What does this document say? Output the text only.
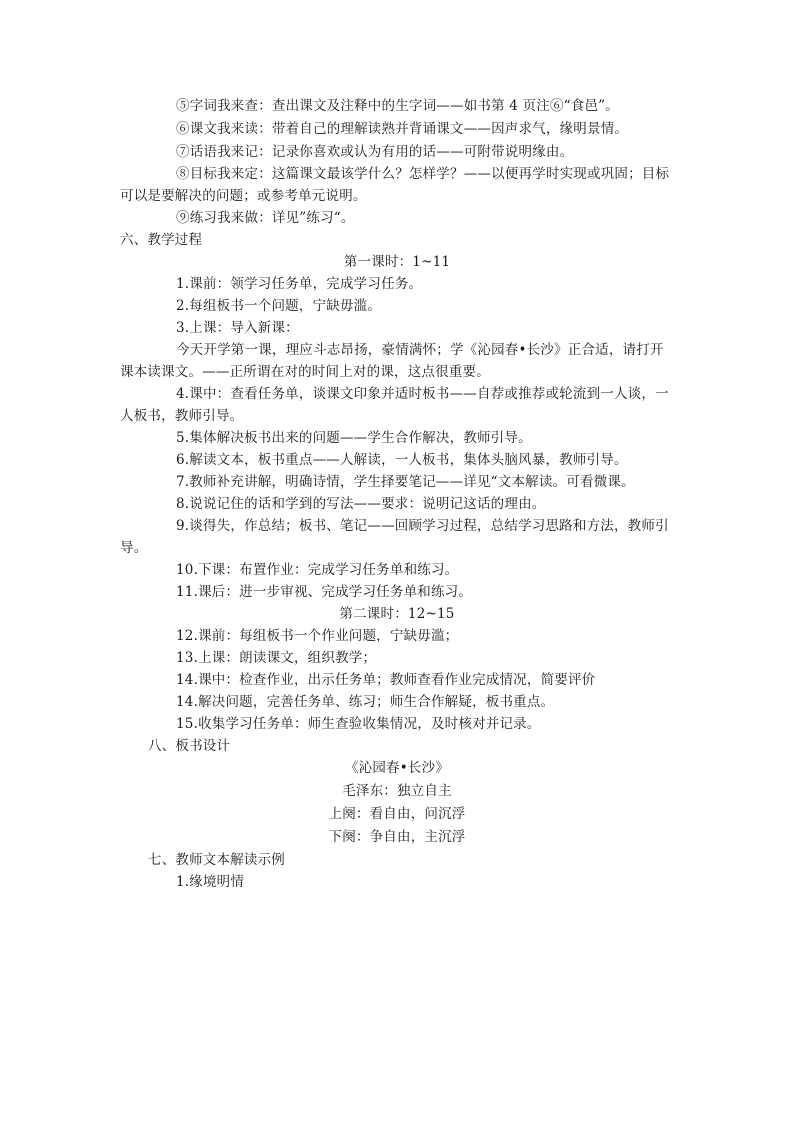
⑤字词我来查：查出课文及注释中的生字词——如书第 4 页注⑥“食邑”。
⑥课文我来读：带着自己的理解读熟并背诵课文——因声求气，缘明景情。
⑦话语我来记：记录你喜欢或认为有用的话——可附带说明缘由。
⑧目标我来定：这篇课文最该学什么？怎样学？——以便再学时实现或巩固；目标
可以是要解决的问题；或参考单元说明。
⑨练习我来做：详见”练习“。
六、教学过程
第一课时：1~11
1.课前：领学习任务单，完成学习任务。
2.每组板书一个问题，宁缺毋滥。
3.上课：导入新课：
今天开学第一课，理应斗志昂扬，豪情满怀；学《沁园春•长沙》正合适，请打开
课本读课文。——正所谓在对的时间上对的课，这点很重要。
4.课中：查看任务单，谈课文印象并适时板书——自荐或推荐或轮流到一人谈，一
人板书，教师引导。
5.集体解决板书出来的问题——学生合作解决，教师引导。
6.解读文本，板书重点——人解读，一人板书，集体头脑风暴，教师引导。
7.教师补充讲解，明确诗情，学生择要笔记——详见“文本解读。可看微课。
8.说说记住的话和学到的写法——要求：说明记这话的理由。
9.谈得失，作总结；板书、笔记——回顾学习过程，总结学习思路和方法，教师引
导。
10.下课：布置作业：完成学习任务单和练习。
11.课后：进一步审视、完成学习任务单和练习。
第二课时：12~15
12.课前：每组板书一个作业问题，宁缺毋滥；
13.上课：朗读课文，组织教学；
14.课中：检查作业，出示任务单；教师查看作业完成情况，简要评价
14.解决问题，完善任务单、练习；师生合作解疑，板书重点。
15.收集学习任务单：师生查验收集情况，及时核对并记录。
八、板书设计
《沁园春•长沙》
毛泽东：独立自主
上阕：看自由，问沉浮
下阕：争自由，主沉浮
七、教师文本解读示例
1.缘境明情
